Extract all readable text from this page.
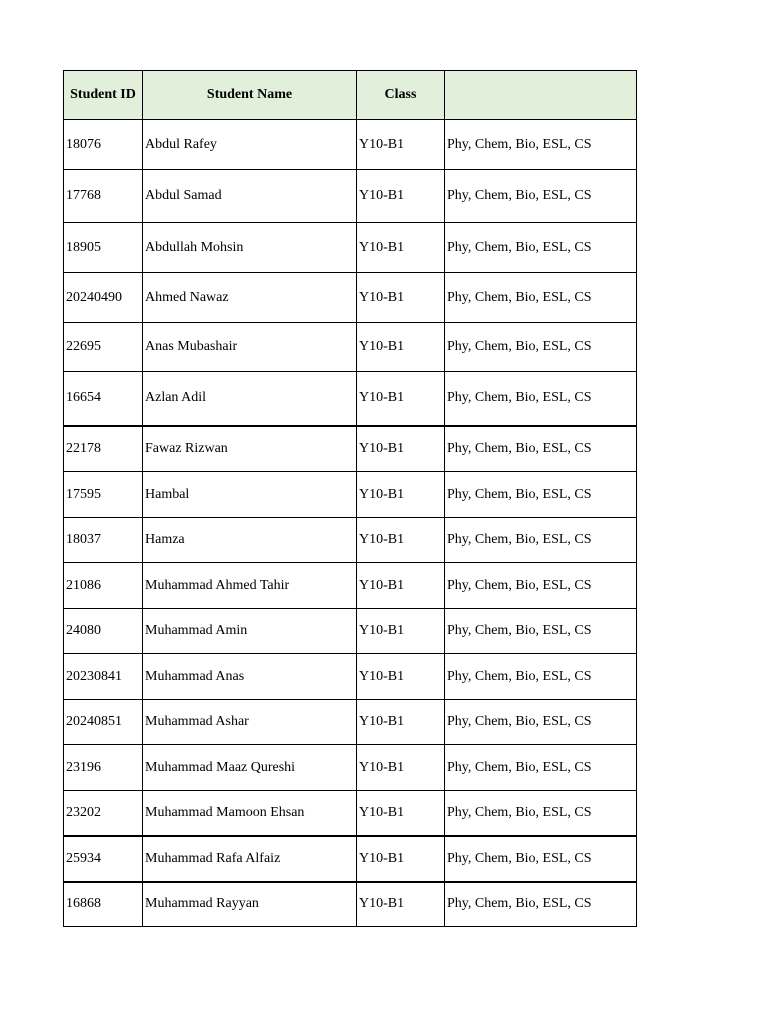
Student ID	Student Name	Class	
18076	Abdul Rafey	Y10-B1	Phy, Chem, Bio, ESL, CS
17768	Abdul Samad	Y10-B1	Phy, Chem, Bio, ESL, CS
18905	Abdullah Mohsin	Y10-B1	Phy, Chem, Bio, ESL, CS
20240490	Ahmed Nawaz	Y10-B1	Phy, Chem, Bio, ESL, CS
22695	Anas Mubashair	Y10-B1	Phy, Chem, Bio, ESL, CS
16654	Azlan Adil	Y10-B1	Phy, Chem, Bio, ESL, CS
22178	Fawaz Rizwan	Y10-B1	Phy, Chem, Bio, ESL, CS
17595	Hambal	Y10-B1	Phy, Chem, Bio, ESL, CS
18037	Hamza	Y10-B1	Phy, Chem, Bio, ESL, CS
21086	Muhammad Ahmed Tahir	Y10-B1	Phy, Chem, Bio, ESL, CS
24080	Muhammad Amin	Y10-B1	Phy, Chem, Bio, ESL, CS
20230841	Muhammad Anas	Y10-B1	Phy, Chem, Bio, ESL, CS
20240851	Muhammad Ashar	Y10-B1	Phy, Chem, Bio, ESL, CS
23196	Muhammad Maaz Qureshi	Y10-B1	Phy, Chem, Bio, ESL, CS
23202	Muhammad Mamoon Ehsan	Y10-B1	Phy, Chem, Bio, ESL, CS
25934	Muhammad Rafa Alfaiz	Y10-B1	Phy, Chem, Bio, ESL, CS
16868	Muhammad Rayyan	Y10-B1	Phy, Chem, Bio, ESL, CS
